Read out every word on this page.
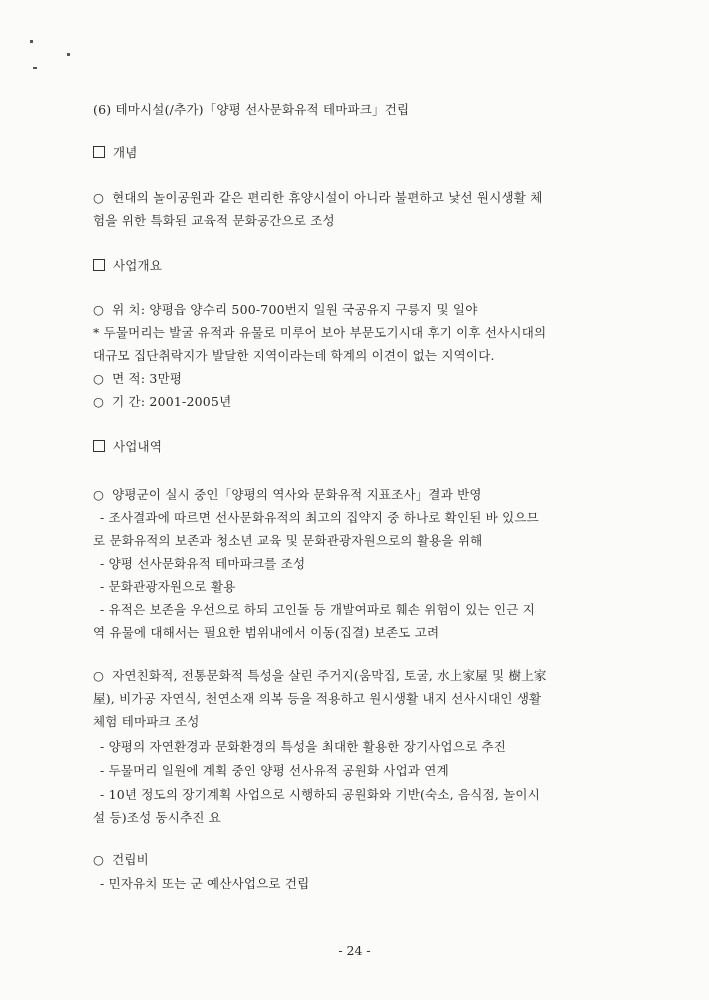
(6) 테마시설(/추가)「양평 선사문화유적 테마파크」건립
개념
○ 현대의 놀이공원과 같은 편리한 휴양시설이 아니라 불편하고 낯선 원시생활 체
험을 위한 특화된 교육적 문화공간으로 조성
사업개요
○ 위 치: 양평읍 양수리 500-700번지 일원 국공유지 구릉지 및 일야
* 두물머리는 발굴 유적과 유물로 미루어 보아 부문도기시대 후기 이후 선사시대의
대규모 집단취락지가 발달한 지역이라는데 학계의 이견이 없는 지역이다.
○ 면 적: 3만평
○ 기 간: 2001-2005년
사업내역
○ 양평군이 실시 중인「양평의 역사와 문화유적 지표조사」결과 반영
- 조사결과에 따르면 선사문화유적의 최고의 집약지 중 하나로 확인된 바 있으므
로 문화유적의 보존과 청소년 교육 및 문화관광자원으로의 활용을 위해
- 양평 선사문화유적 테마파크를 조성
- 문화관광자원으로 활용
- 유적은 보존을 우선으로 하되 고인돌 등 개발여파로 훼손 위험이 있는 인근 지
역 유물에 대해서는 필요한 범위내에서 이동(집결) 보존도 고려
○ 자연친화적, 전통문화적 특성을 살린 주거지(움막집, 토굴, 水上家屋 및 樹上家
屋), 비가공 자연식, 천연소재 의복 등을 적용하고 원시생활 내지 선사시대인 생활
체험 테마파크 조성
- 양평의 자연환경과 문화환경의 특성을 최대한 활용한 장기사업으로 추진
- 두물머리 일원에 계획 중인 양평 선사유적 공원화 사업과 연계
- 10년 정도의 장기계획 사업으로 시행하되 공원화와 기반(숙소, 음식점, 놀이시
설 등)조성 동시추진 요
○ 건립비
- 민자유치 또는 군 예산사업으로 건립
- 24 -
